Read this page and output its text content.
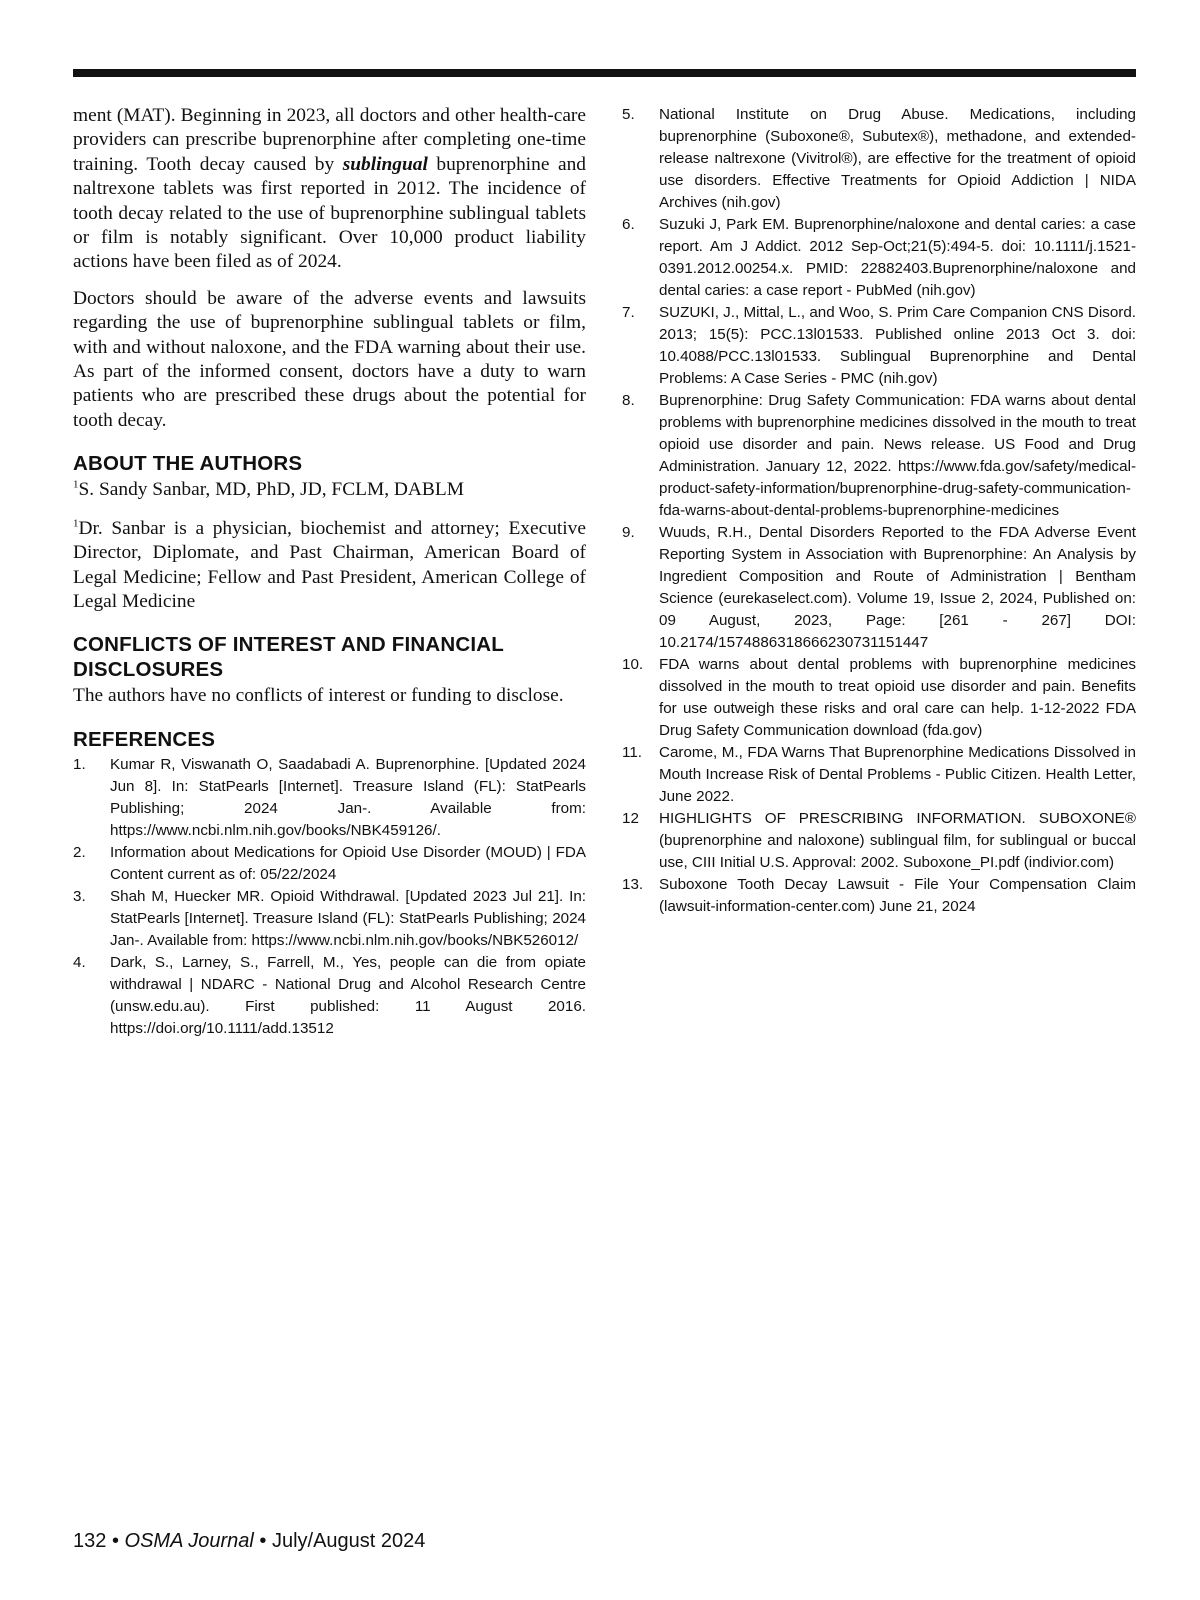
ment (MAT). Beginning in 2023, all doctors and other health-care providers can prescribe buprenorphine after completing one-time training. Tooth decay caused by sublingual buprenorphine and naltrexone tablets was first reported in 2012. The incidence of tooth decay related to the use of buprenorphine sublingual tablets or film is notably significant. Over 10,000 product liability actions have been filed as of 2024.

Doctors should be aware of the adverse events and lawsuits regarding the use of buprenorphine sublingual tablets or film, with and without naloxone, and the FDA warning about their use. As part of the informed consent, doctors have a duty to warn patients who are prescribed these drugs about the potential for tooth decay.

ABOUT THE AUTHORS

$^1$S. Sandy Sanbar, MD, PhD, JD, FCLM, DABLM

$^1$Dr. Sanbar is a physician, biochemist and attorney; Executive Director, Diplomate, and Past Chairman, American Board of Legal Medicine; Fellow and Past President, American College of Legal Medicine

CONFLICTS OF INTEREST AND FINANCIAL DISCLOSURES

The authors have no conflicts of interest or funding to disclose.

REFERENCES
1. Kumar R, Viswanath O, Saadabadi A. Buprenorphine. [Updated 2024 Jun 8]. In: StatPearls [Internet]. Treasure Island (FL): StatPearls Publishing; 2024 Jan-. Available from: https://www.ncbi.nlm.nih.gov/books/NBK459126/.
2. Information about Medications for Opioid Use Disorder (MOUD) | FDA Content current as of: 05/22/2024
3. Shah M, Huecker MR. Opioid Withdrawal. [Updated 2023 Jul 21]. In: StatPearls [Internet]. Treasure Island (FL): StatPearls Publishing; 2024 Jan-. Available from: https://www.ncbi.nlm.nih.gov/books/NBK526012/
4. Dark, S., Larney, S., Farrell, M., Yes, people can die from opiate withdrawal | NDARC - National Drug and Alcohol Research Centre (unsw.edu.au). First published: 11 August 2016. https://doi.org/10.1111/add.13512
5. National Institute on Drug Abuse. Medications, including buprenorphine (Suboxone®, Subutex®), methadone, and extended-release naltrexone (Vivitrol®), are effective for the treatment of opioid use disorders. Effective Treatments for Opioid Addiction | NIDA Archives (nih.gov)
6. Suzuki J, Park EM. Buprenorphine/naloxone and dental caries: a case report. Am J Addict. 2012 Sep-Oct;21(5):494-5. doi: 10.1111/j.1521-0391.2012.00254.x. PMID: 22882403.Buprenorphine/naloxone and dental caries: a case report - PubMed (nih.gov)
7. SUZUKI, J., Mittal, L., and Woo, S. Prim Care Companion CNS Disord. 2013; 15(5): PCC.13l01533. Published online 2013 Oct 3. doi: 10.4088/PCC.13l01533. Sublingual Buprenorphine and Dental Problems: A Case Series - PMC (nih.gov)
8. Buprenorphine: Drug Safety Communication: FDA warns about dental problems with buprenorphine medicines dissolved in the mouth to treat opioid use disorder and pain. News release. US Food and Drug Administration. January 12, 2022. https://www.fda.gov/safety/medical-product-safety-information/buprenorphine-drug-safety-communication-fda-warns-about-dental-problems-buprenorphine-medicines
9. Wuuds, R.H., Dental Disorders Reported to the FDA Adverse Event Reporting System in Association with Buprenorphine: An Analysis by Ingredient Composition and Route of Administration | Bentham Science (eurekaselect.com). Volume 19, Issue 2, 2024, Published on: 09 August, 2023, Page: [261 - 267] DOI: 10.2174/1574886318666230731151447
10. FDA warns about dental problems with buprenorphine medicines dissolved in the mouth to treat opioid use disorder and pain. Benefits for use outweigh these risks and oral care can help. 1-12-2022 FDA Drug Safety Communication download (fda.gov)
11. Carome, M., FDA Warns That Buprenorphine Medications Dissolved in Mouth Increase Risk of Dental Problems - Public Citizen. Health Letter, June 2022.
12 HIGHLIGHTS OF PRESCRIBING INFORMATION. SUBOXONE® (buprenorphine and naloxone) sublingual film, for sublingual or buccal use, CIII Initial U.S. Approval: 2002. Suboxone_PI.pdf (indivior.com)
13. Suboxone Tooth Decay Lawsuit - File Your Compensation Claim (lawsuit-information-center.com) June 21, 2024
132 • OSMA Journal • July/August 2024
